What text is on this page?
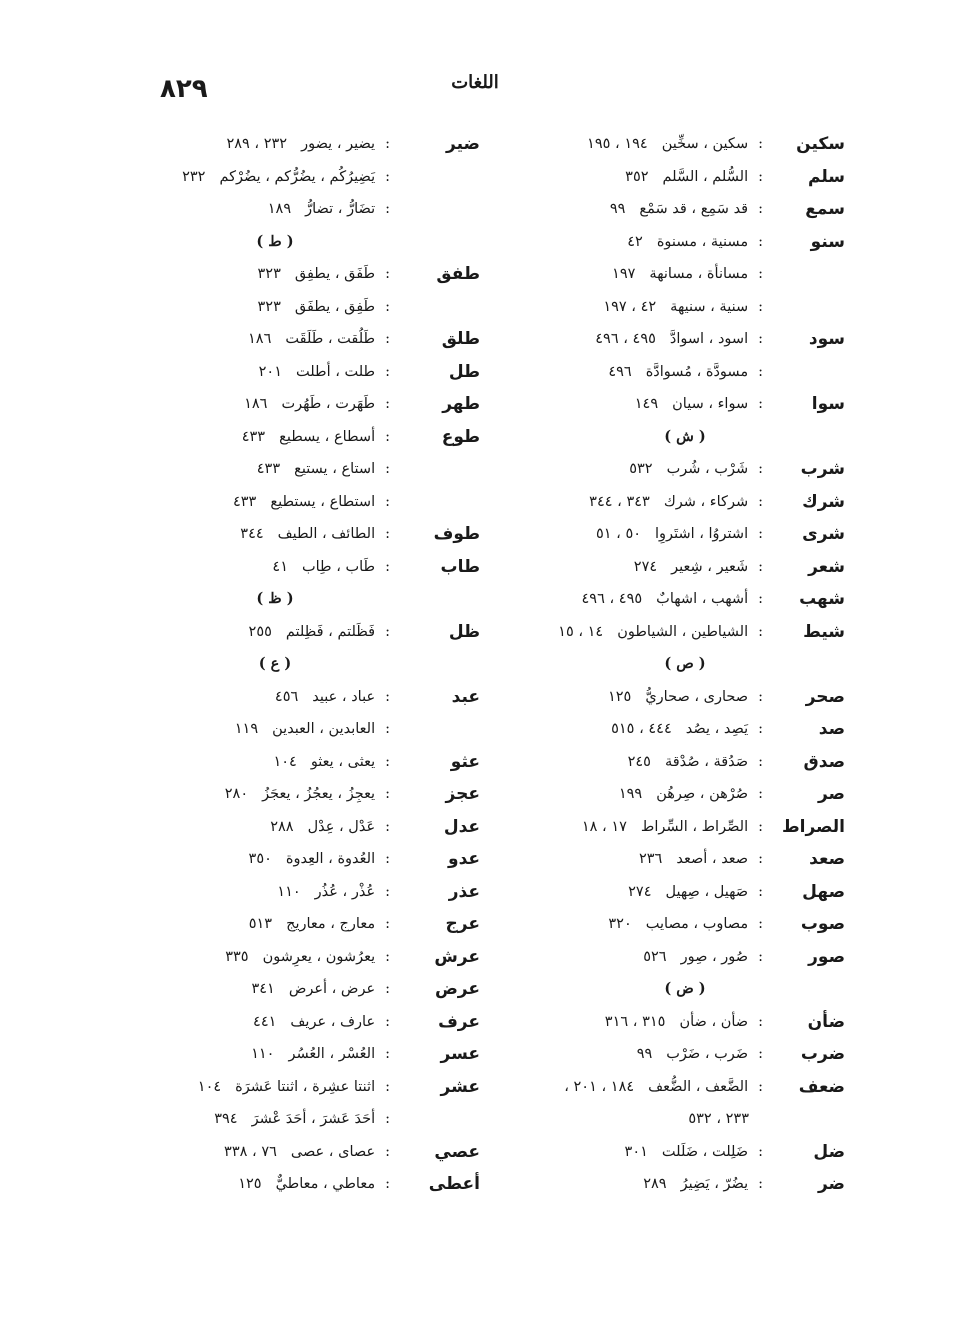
٨٢٩	اللغات
سكين
:سكين ، سخِّين١٩٤ ، ١٩٥
سلم
:السُّلم ، السَّلم٣٥٢
سمع
:قد سَمِع ، قد سَمْع٩٩
سنو
:مسنية ، مسنوة٤٢
:مسانأة ، مسانهة١٩٧
:سنية ، سنيهة٤٢ ، ١٩٧
سود
:اسود ، اسوادَّ٤٩٥ ، ٤٩٦
:مسودَّة ، مُسوادَّة٤٩٦
سوا
:سواء ، سيان١٤٩
( ش )
شرب
:شَرْب ، شُرب٥٣٢
شرك
:شركاء ، شرك٣٤٣ ، ٣٤٤
شرى
:اشتروُا ، اشتَروِا٥٠ ، ٥١
شعر
:شَعير ، شِعير٢٧٤
شهب
:أشهب ، اشهابٌ٤٩٥ ، ٤٩٦
شيط
:الشياطين ، الشياطون١٤ ، ١٥
( ص )
صحر
:صحارى ، صحاريُّ١٢٥
صد
:يَصِد ، يصُد٤٤٤ ، ٥١٥
صدق
:صَدُقة ، صُدْقة٢٤٥
صر
:صُرْهن ، صِرهُن١٩٩
الصراط
:الصِّراط ، السِّراط١٧ ، ١٨
صعد
:صعد ، أصعد٢٣٦
صهل
:صَهيل ، صِهيل٢٧٤
صوب
:مصاوب ، مصايب٣٢٠
صور
:صُور ، صِور٥٢٦
( ض )
ضأن
:ضأن ، ضأن٣١٥ ، ٣١٦
ضرب
:ضَرب ، ضَرْب٩٩
ضعف
:الضَّعف ، الضُّعف١٨٤ ، ٢٠١ ،
٢٣٣ ، ٥٣٢
ضل
:ضَلِلت ، ضَلَلت٣٠١
ضر
:يضُرّ ، يَضِيرُ٢٨٩
ضير
:يضير ، يضور٢٣٢ ، ٢٨٩
:يَضِيرُكُم ، يضُرُّكم ، يضُرْكم٢٣٢
:تضَارُّ ، تضارُّ١٨٩
( ط )
طفق
:طَفَق ، يطفِق٣٢٣
:طَفِق ، يطفَق٣٢٣
طلق
:طَلُقت ، طَلَقَت١٨٦
طل
:طلت ، أطلت٢٠١
طهر
:طَهَرت ، طَهُرت١٨٦
طوع
:أسطاع ، يسطيع٤٣٣
:استاع ، يستيع٤٣٣
:استطاع ، يستطيع٤٣٣
طوف
:الطائف ، الطيف٣٤٤
طاب
:طَاب ، طِاب٤١
( ظ )
ظل
:فَظَلتم ، فَظِلتم٢٥٥
( ع )
عبد
:عباد ، عبيد٤٥٦
:العابدين ، العبدين١١٩
عثو
:يعثى ، يعثو١٠٤
عجز
:يعجِزُ ، يعجُزُ ، يعجَزُ٢٨٠
عدل
:عَدْل ، عِدْل٢٨٨
عدو
:العُدوة ، العِدوة٣٥٠
عذر
:عُذْر ، عُذُر١١٠
عرج
:معارج ، معاريج٥١٣
عرش
:يعرُشون ، يعرِشون٣٣٥
عرض
:عرض ، أعرض٣٤١
عرف
:عارف ، عريف٤٤١
عسر
:العُسْر ، العُسُر١١٠
عشر
:اثنتا عشِرة ، اثنتا عَشرَة١٠٤
:أحَدَ عَشرَ ، أحَدَ عْشرَ٣٩٤
عصي
:عصاى ، عصى٧٦ ، ٣٣٨
أعطى
:معاطي ، معاطيٌّ١٢٥
